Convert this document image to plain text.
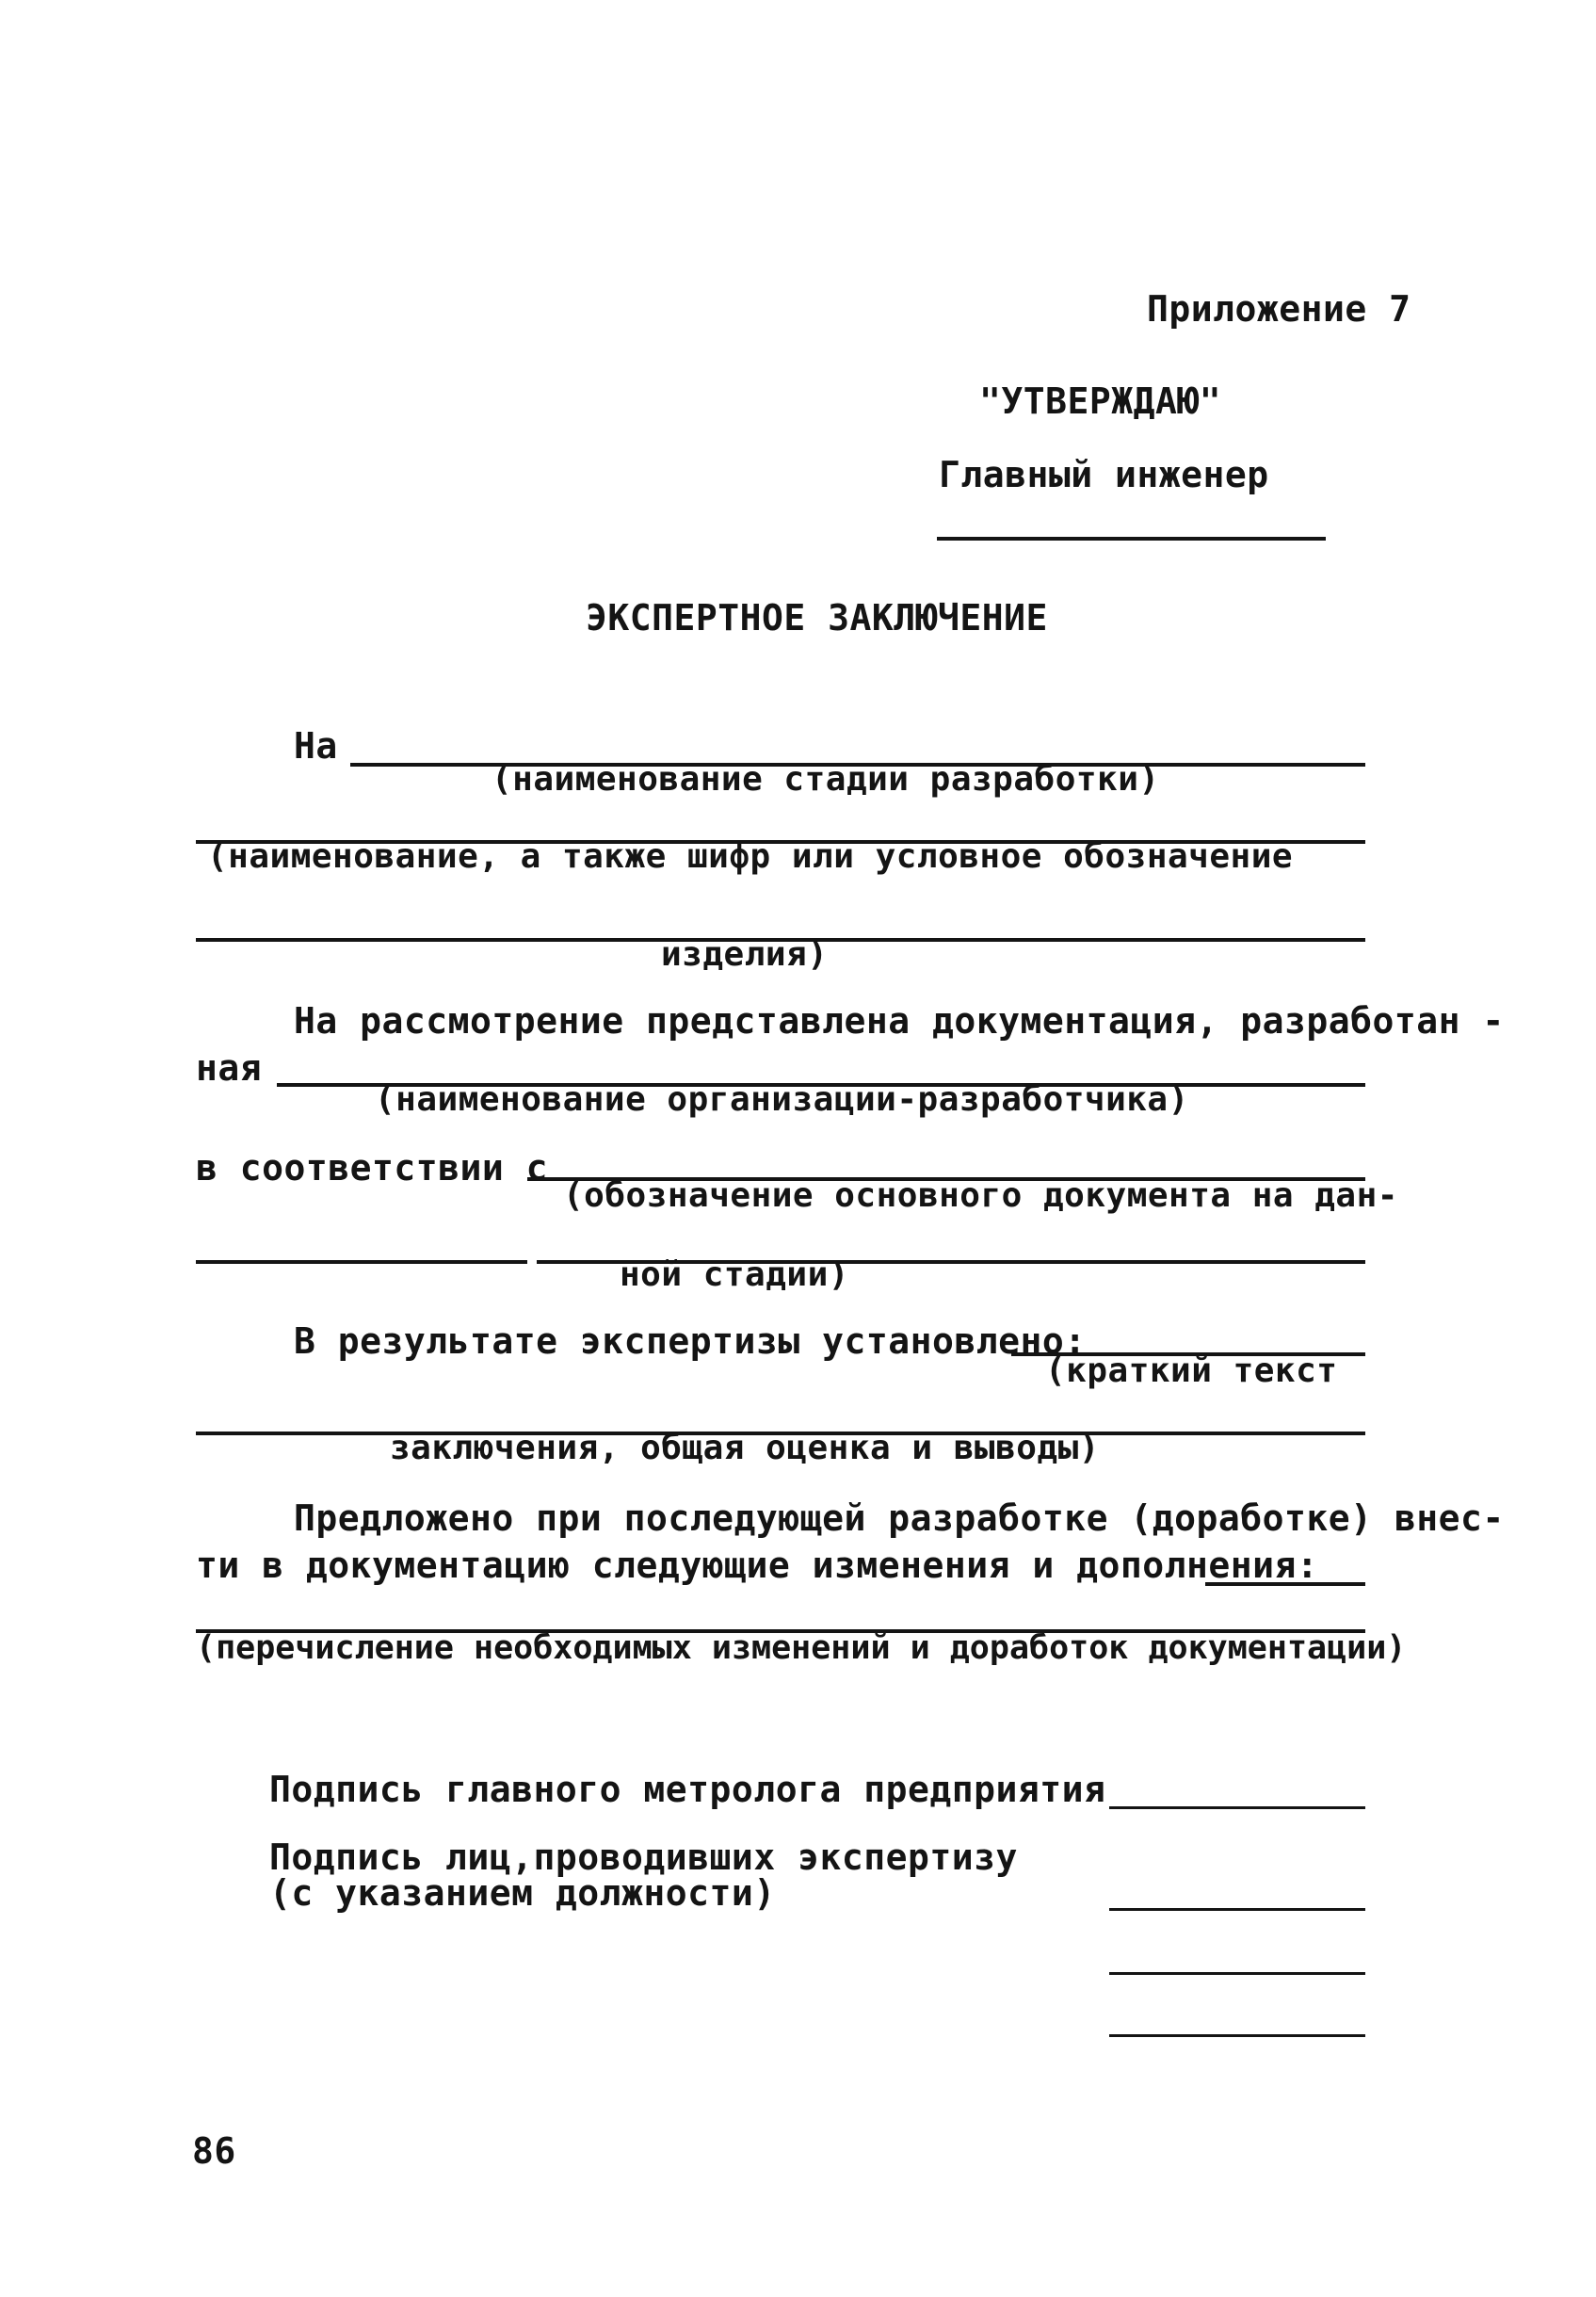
Приложение 7
"УТВЕРЖДАЮ"
Главный инженер
ЭКСПЕРТНОЕ ЗАКЛЮЧЕНИЕ
На
(наименование стадии разработки)
(наименование, а также шифр или условное обозначение
изделия)
На рассмотрение представлена документация, разработан -
ная
(наименование организации-разработчика)
в соответствии с
(обозначение основного документа на дан-
ной стадии)
В результате экспертизы установлено:
(краткий текст
заключения, общая оценка и выводы)
Предложено при последующей разработке (доработке) внес-
ти в документацию следующие изменения и дополнения:
(перечисление необходимых изменений и доработок документации)
Подпись главного метролога предприятия
Подпись лиц,проводивших экспертизу
(с указанием должности)
86
